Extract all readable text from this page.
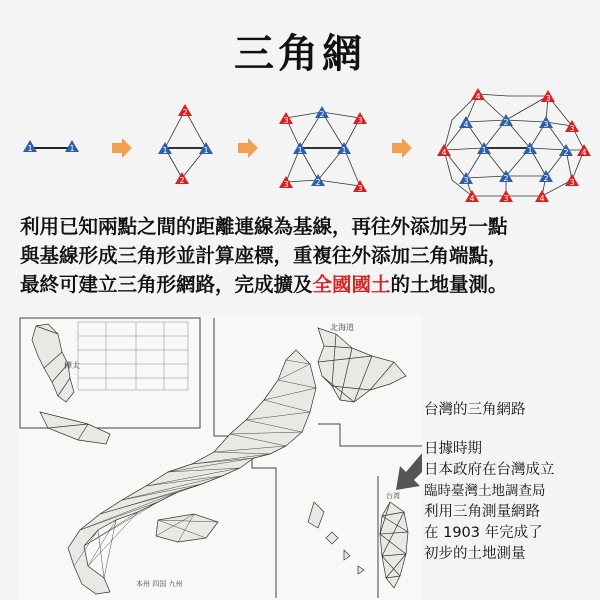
三角網
1	1
2
1	1
2
3
2
3
1	1
3	2
3
4	3
4	3
2
3
4	2
1	1
2
4
3	2	3
4	3	4
利用已知兩點之間的距離連線為基線，再往外添加另一點
與基線形成三角形並計算座標，重複往外添加三角端點，
最終可建立三角形網路，完成擴及全國國土的土地量測。
樺太
北海道
台湾
本州 四国 九州
台灣的三角網路
日據時期
日本政府在台灣成立
臨時臺灣土地調查局
利用三角測量網路
在 1903 年完成了
初步的土地測量
